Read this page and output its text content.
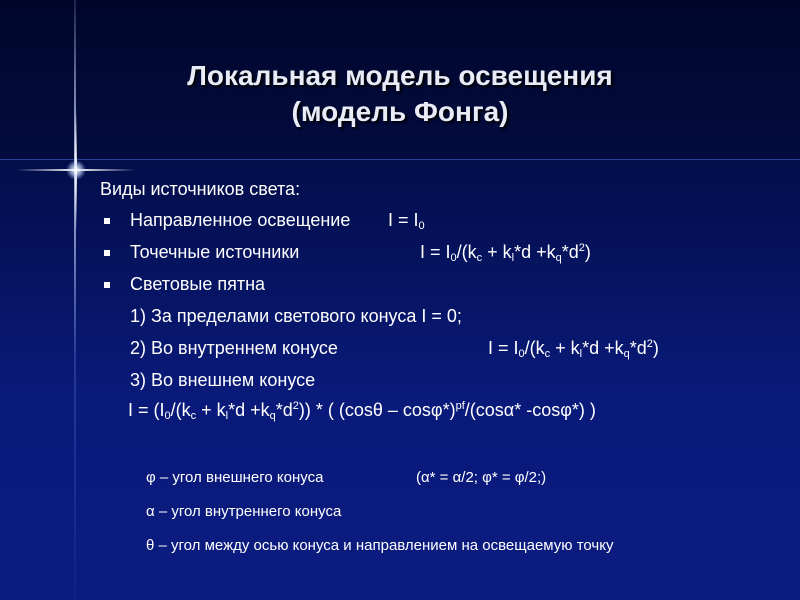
Локальная модель освещения
(модель Фонга)
Виды источников света:
Направленное освещение $I = I_0$
Точечные источники	$I = I_0/(k_c + k_l*d +k_q*d^2)$
Световые пятна
1) За пределами светового конуса I = 0;
2) Во внутреннем конусе	$I = I_0/(k_c + k_l*d +k_q*d^2)$
3) Во внешнем конусе
$I = (I_0/(k_c + k_l*d +k_q*d^2))$ * ( (cosθ – cosφ*)$^{pf}$/(cosα* -cosφ*) )
φ – угол внешнего конуса	(α* = α/2; φ* = φ/2;)
α – угол внутреннего конуса
θ – угол между осью конуса и направлением на освещаемую точку
